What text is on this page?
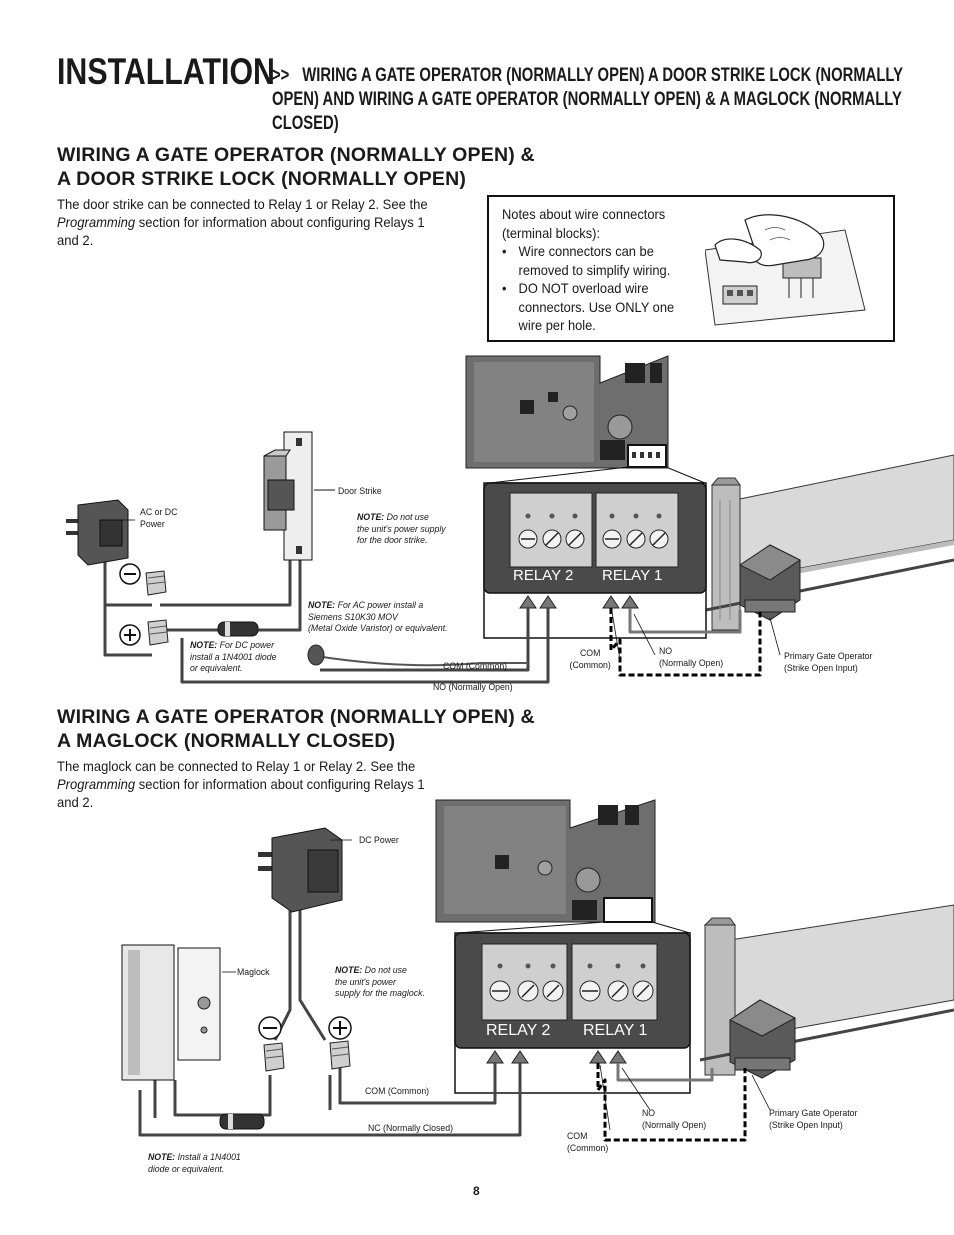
INSTALLATION
>> WIRING A GATE OPERATOR (NORMALLY OPEN) A DOOR STRIKE LOCK (NORMALLY OPEN) AND WIRING A GATE OPERATOR (NORMALLY OPEN) & A MAGLOCK (NORMALLY CLOSED)
WIRING A GATE OPERATOR (NORMALLY OPEN) &
A DOOR STRIKE LOCK (NORMALLY OPEN)
The door strike can be connected to Relay 1 or Relay 2. See the Programming section for information about configuring Relays 1 and 2.
Notes about wire connectors (terminal blocks):
• Wire connectors can be removed to simplify wiring.
• DO NOT overload wire connectors. Use ONLY one wire per hole.
RELAY 2 RELAY 1
AC or DC
Power
Door Strike
NOTE: Do not use
the unit's power supply
for the door strike.
NOTE: For AC power install a
Siemens S10K30 MOV
(Metal Oxide Varistor) or equivalent.
NOTE: For DC power
install a 1N4001 diode
or equivalent.	COM (Common)
NO (Normally Open)
COM
(Common)
NO
(Normally Open)
Primary Gate Operator
(Strike Open Input)
WIRING A GATE OPERATOR (NORMALLY OPEN) &
A MAGLOCK (NORMALLY CLOSED)
The maglock can be connected to Relay 1 or Relay 2. See the Programming section for information about configuring Relays 1 and 2.
RELAY 2 RELAY 1
DC Power
Maglock	NOTE: Do not use
the unit's power
supply for the maglock.
COM (Common)
NC (Normally Closed)
COM
(Common)
NO
(Normally Open)
Primary Gate Operator
(Strike Open Input)
NOTE: Install a 1N4001
diode or equivalent.
8
